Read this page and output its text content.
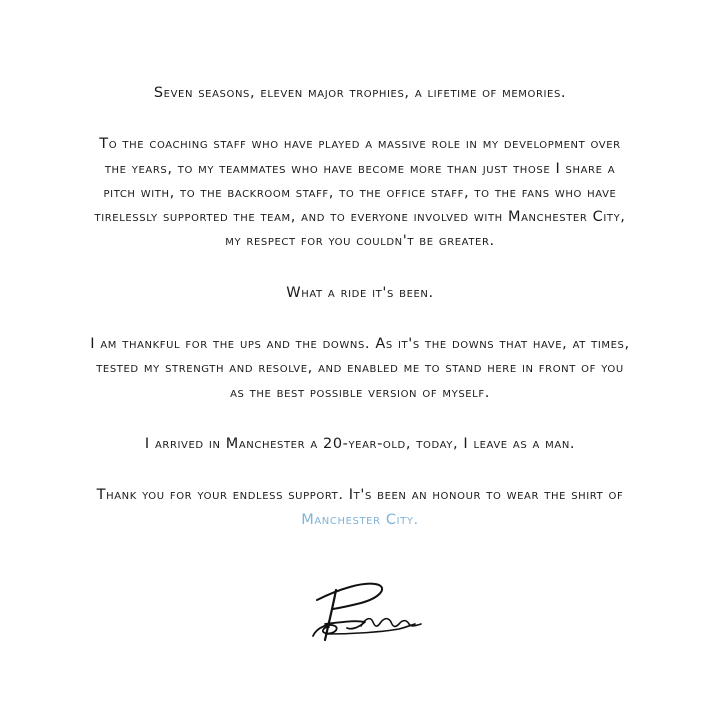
Seven seasons, eleven major trophies, a lifetime of memories.

To the coaching staff who have played a massive role in my development over
the years, to my teammates who have become more than just those I share a
pitch with, to the backroom staff, to the office staff, to the fans who have
tirelessly supported the team, and to everyone involved with Manchester City,
my respect for you couldn't be greater.

What a ride it's been.

I am thankful for the ups and the downs. As it's the downs that have, at times,
tested my strength and resolve, and enabled me to stand here in front of you
as the best possible version of myself.

I arrived in Manchester a 20-year-old, today, I leave as a man.

Thank you for your endless support. It's been an honour to wear the shirt of
Manchester City.
